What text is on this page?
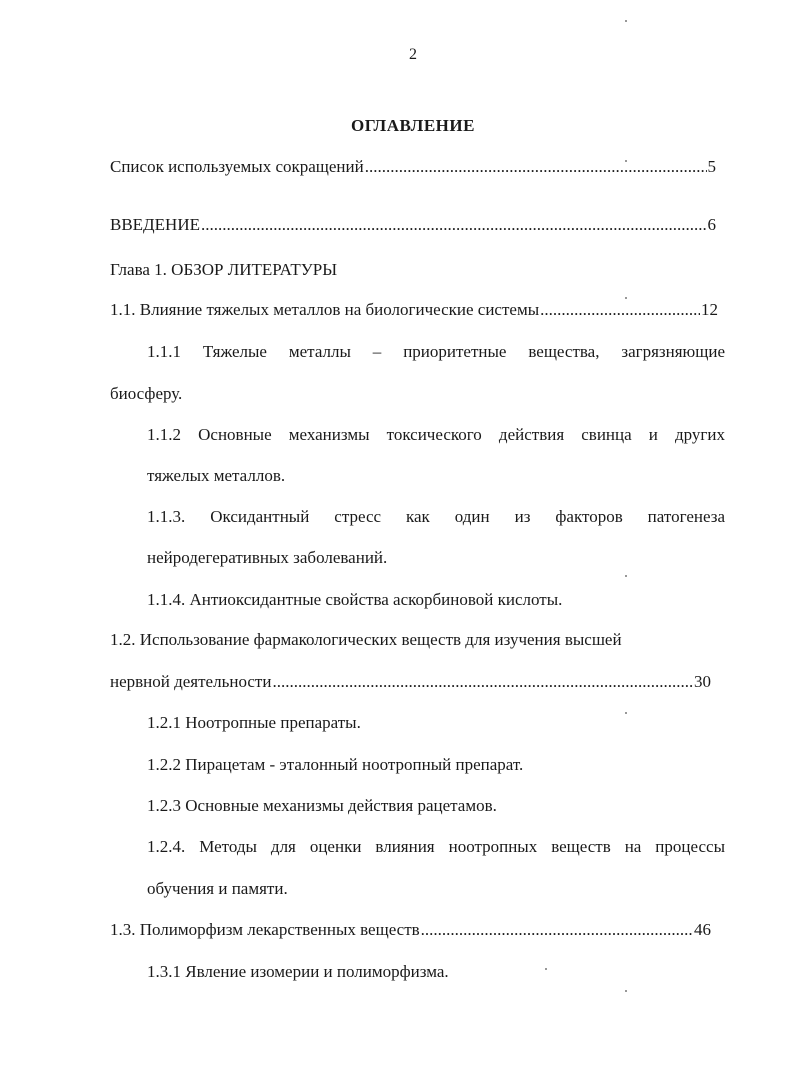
2
ОГЛАВЛЕНИЕ
Список используемых сокращений .....	5
ВВЕДЕНИЕ .....	6
Глава 1. ОБЗОР ЛИТЕРАТУРЫ
1.1. Влияние тяжелых металлов на биологические системы .....	12
1.1.1 Тяжелые металлы – приоритетные вещества, загрязняющие
биосферу.
1.1.2 Основные механизмы токсического действия свинца и других
тяжелых металлов.
1.1.3. Оксидантный стресс как один из факторов патогенеза
нейродегеративных заболеваний.
1.1.4. Антиоксидантные свойства аскорбиновой кислоты.
1.2. Использование фармакологических веществ для изучения высшей
нервной деятельности .....	30
1.2.1 Ноотропные препараты.
1.2.2 Пирацетам - эталонный ноотропный препарат.
1.2.3 Основные механизмы действия рацетамов.
1.2.4. Методы для оценки влияния ноотропных веществ на процессы
обучения и памяти.
1.3. Полиморфизм лекарственных веществ .....	46
1.3.1 Явление изомерии и полиморфизма.
